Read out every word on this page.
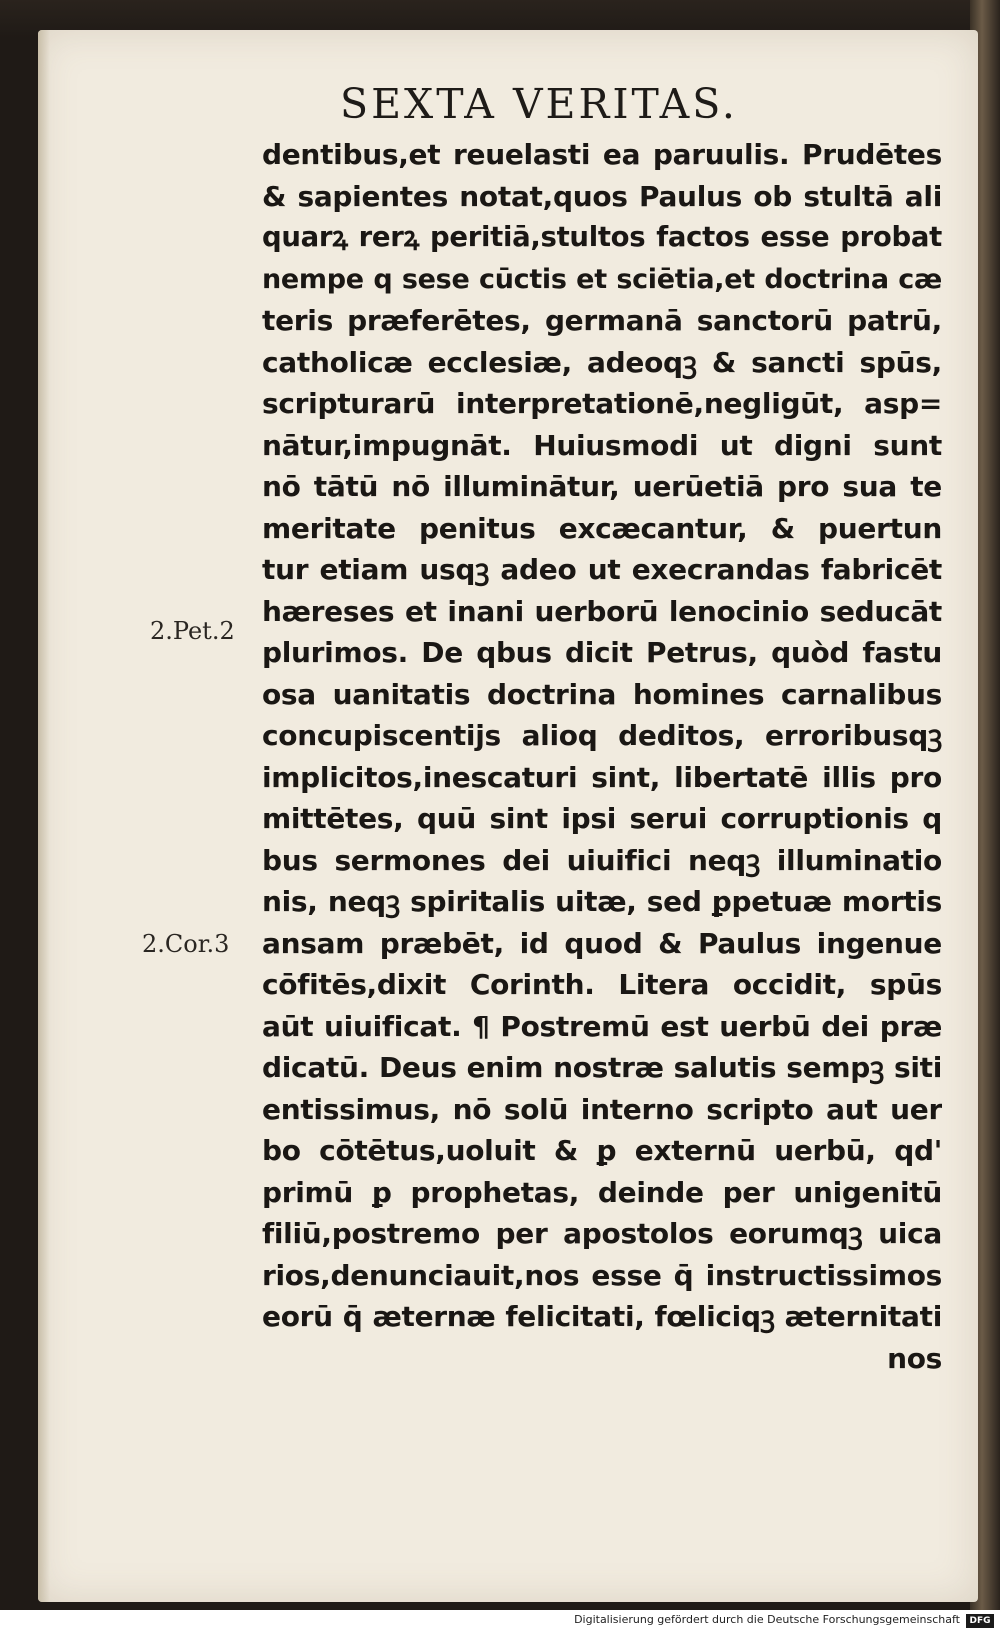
SEXTA VERITAS.
2.Pet.2
2.Cor.3
dentibus,et reuelasti ea paruulis. Prudētes
& sapientes notat,quos Paulus ob stultā ali
quarꝝ rerꝝ peritiā,stultos factos esse probat
nempe q sese cūctis et sciētia,et doctrina cæ
teris præferētes, germanā sanctorū patrū,
catholicæ ecclesiæ, adeoqꝫ & sancti spūs,
scripturarū interpretationē,negligūt, asp=
nātur,impugnāt. Huiusmodi ut digni sunt
nō tātū nō illuminātur, uerūetiā pro sua te
meritate penitus excæcantur, & puertun
tur etiam usqꝫ adeo ut execrandas fabricēt
hæreses et inani uerborū lenocinio seducāt
plurimos. De qbus dicit Petrus, quòd fastu
osa uanitatis doctrina homines carnalibus
concupiscentijs alioq deditos, erroribusqꝫ
implicitos,inescaturi sint, libertatē illis pro
mittētes, quū sint ipsi serui corruptionis q
bus sermones dei uiuifici neqꝫ illuminatio
nis, neqꝫ spiritalis uitæ, sed ꝑpetuæ mortis
ansam præbēt, id quod & Paulus ingenue
cōfitēs,dixit Corinth. Litera occidit, spūs
aūt uiuificat. ¶ Postremū est uerbū dei præ
dicatū. Deus enim nostræ salutis sempꝫ siti
entissimus, nō solū interno scripto aut uer
bo cōtētus,uoluit & ꝑ externū uerbū, qd'
primū ꝑ prophetas, deinde per unigenitū
filiū,postremo per apostolos eorumqꝫ uica
rios,denunciauit,nos esse q̄ instructissimos
eorū q̄ æternæ felicitati, fœliciqꝫ æternitati
nos
Digitalisierung gefördert durch die Deutsche Forschungsgemeinschaft	DFG
